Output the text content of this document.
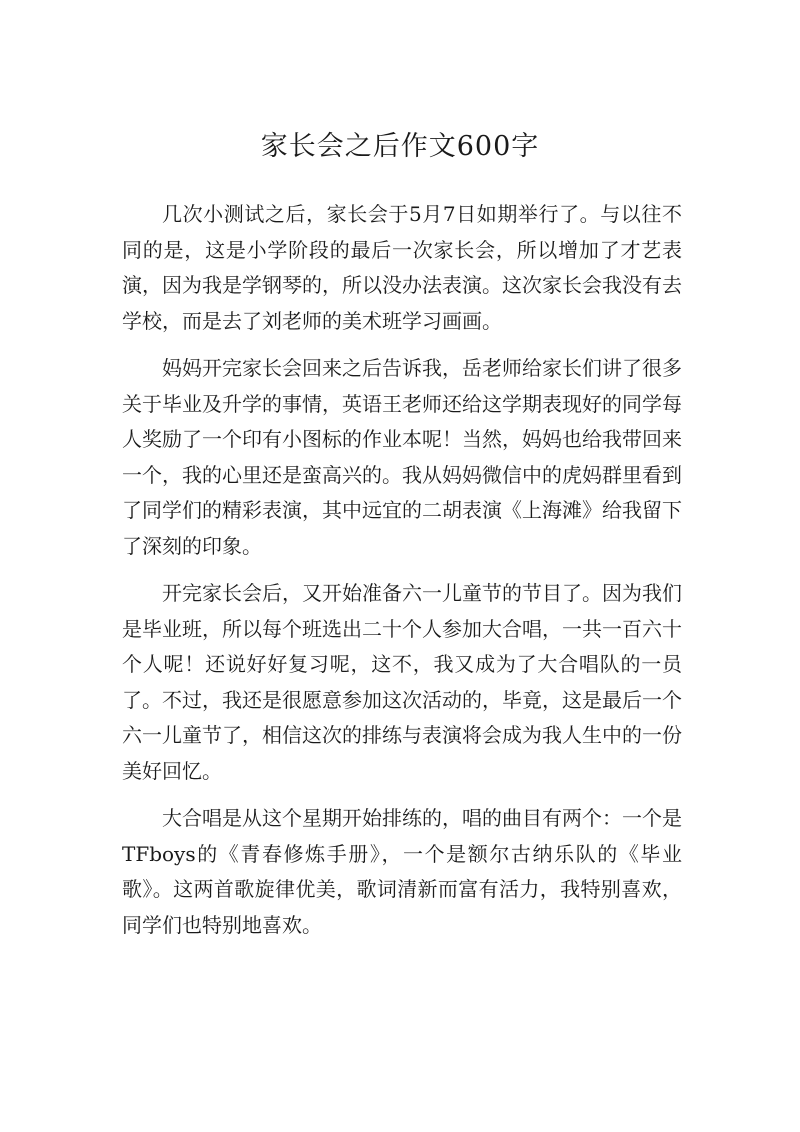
家长会之后作文600字

几次小测试之后，家长会于5月7日如期举行了。与以往不同的是，这是小学阶段的最后一次家长会，所以增加了才艺表演，因为我是学钢琴的，所以没办法表演。这次家长会我没有去学校，而是去了刘老师的美术班学习画画。

妈妈开完家长会回来之后告诉我，岳老师给家长们讲了很多关于毕业及升学的事情，英语王老师还给这学期表现好的同学每人奖励了一个印有小图标的作业本呢！当然，妈妈也给我带回来一个，我的心里还是蛮高兴的。我从妈妈微信中的虎妈群里看到了同学们的精彩表演，其中远宜的二胡表演《上海滩》给我留下了深刻的印象。

开完家长会后，又开始准备六一儿童节的节目了。因为我们是毕业班，所以每个班选出二十个人参加大合唱，一共一百六十个人呢！还说好好复习呢，这不，我又成为了大合唱队的一员了。不过，我还是很愿意参加这次活动的，毕竟，这是最后一个六一儿童节了，相信这次的排练与表演将会成为我人生中的一份美好回忆。

大合唱是从这个星期开始排练的，唱的曲目有两个：一个是TFboys的《青春修炼手册》，一个是额尔古纳乐队的《毕业歌》。这两首歌旋律优美，歌词清新而富有活力，我特别喜欢，同学们也特别地喜欢。
